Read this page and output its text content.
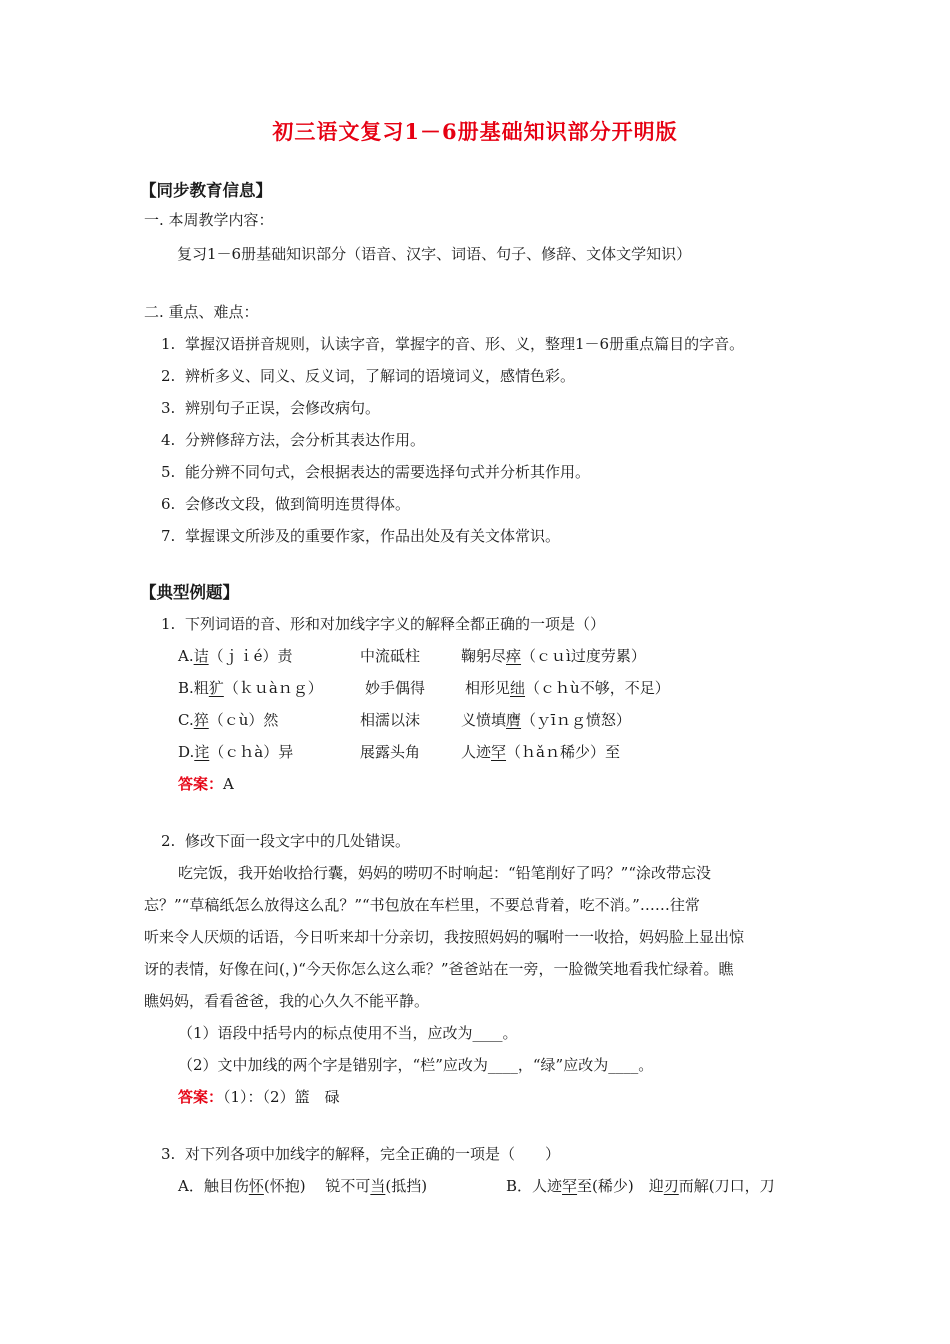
初三语文复习1－6册基础知识部分开明版
【同步教育信息】
一. 本周教学内容：
复习1－6册基础知识部分（语音、汉字、词语、句子、修辞、文体文学知识）
二. 重点、难点：
1. 掌握汉语拼音规则，认读字音，掌握字的音、形、义，整理1－6册重点篇目的字音。
2. 辨析多义、同义、反义词，了解词的语境词义，感情色彩。
3. 辨别句子正误，会修改病句。
4. 分辨修辞方法，会分析其表达作用。
5. 能分辨不同句式，会根据表达的需要选择句式并分析其作用。
6. 会修改文段，做到简明连贯得体。
7. 掌握课文所涉及的重要作家，作品出处及有关文体常识。
【典型例题】
1. 下列词语的音、形和对加线字字义的解释全都正确的一项是（）
A.诘（ｊｉé）责	中流砥柱	鞠躬尽瘁（ｃｕì过度劳累）
B.粗犷（ｋｕàｎｇ）	妙手偶得	相形见绌（ｃｈù不够，不足）
C.猝（ｃù）然	相濡以沫	义愤填膺（ｙīｎｇ愤怒）
D.诧（ｃｈà）异	展露头角	人迹罕（ｈǎｎ稀少）至
答案：A
2. 修改下面一段文字中的几处错误。
吃完饭，我开始收拾行囊，妈妈的唠叨不时响起：“铅笔削好了吗？”“涂改带忘没
忘？”“草稿纸怎么放得这么乱？”“书包放在车栏里，不要总背着，吃不消。”……往常
听来令人厌烦的话语，今日听来却十分亲切，我按照妈妈的嘱咐一一收拾，妈妈脸上显出惊
讶的表情，好像在问(，)“今天你怎么这么乖？”爸爸站在一旁，一脸微笑地看我忙绿着。瞧
瞧妈妈，看看爸爸，我的心久久不能平静。
（1）语段中括号内的标点使用不当，应改为____。
（2）文中加线的两个字是错别字，“栏”应改为____，“绿”应改为____。
答案：（1）：（2）篮　碌
3. 对下列各项中加线字的解释，完全正确的一项是（　　）
A．触目伤怀(怀抱)　 锐不可当(抵挡)	B．人迹罕至(稀少)　迎刃而解(刀口，刀
